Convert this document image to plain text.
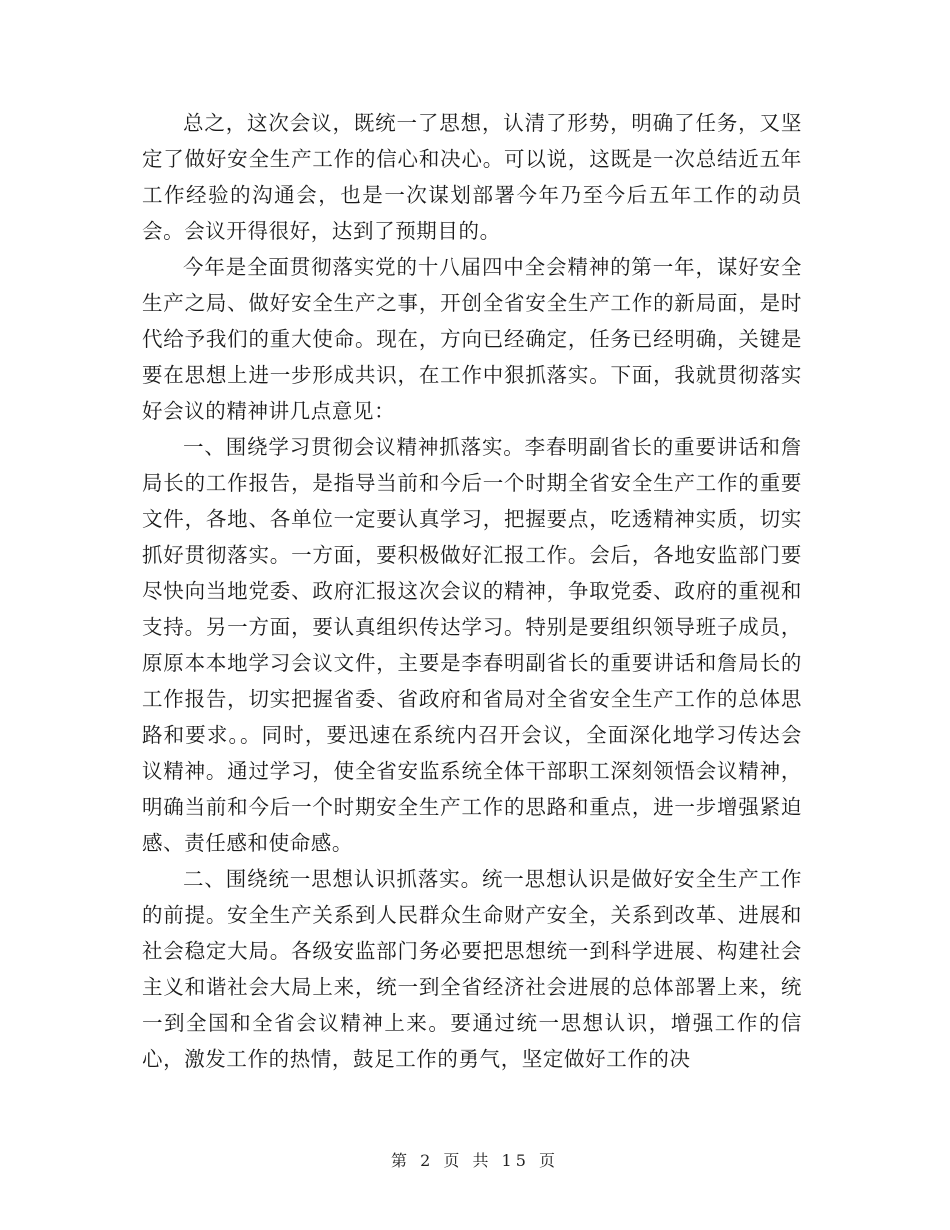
总之，这次会议，既统一了思想，认清了形势，明确了任务，又坚定了做好安全生产工作的信心和决心。可以说，这既是一次总结近五年工作经验的沟通会，也是一次谋划部署今年乃至今后五年工作的动员会。会议开得很好，达到了预期目的。

今年是全面贯彻落实党的十八届四中全会精神的第一年，谋好安全生产之局、做好安全生产之事，开创全省安全生产工作的新局面，是时代给予我们的重大使命。现在，方向已经确定，任务已经明确，关键是要在思想上进一步形成共识，在工作中狠抓落实。下面，我就贯彻落实好会议的精神讲几点意见：

一、围绕学习贯彻会议精神抓落实。李春明副省长的重要讲话和詹局长的工作报告，是指导当前和今后一个时期全省安全生产工作的重要文件，各地、各单位一定要认真学习，把握要点，吃透精神实质，切实抓好贯彻落实。一方面，要积极做好汇报工作。会后，各地安监部门要尽快向当地党委、政府汇报这次会议的精神，争取党委、政府的重视和支持。另一方面，要认真组织传达学习。特别是要组织领导班子成员，原原本本地学习会议文件，主要是李春明副省长的重要讲话和詹局长的工作报告，切实把握省委、省政府和省局对全省安全生产工作的总体思路和要求。。同时，要迅速在系统内召开会议，全面深化地学习传达会议精神。通过学习，使全省安监系统全体干部职工深刻领悟会议精神，明确当前和今后一个时期安全生产工作的思路和重点，进一步增强紧迫感、责任感和使命感。

二、围绕统一思想认识抓落实。统一思想认识是做好安全生产工作的前提。安全生产关系到人民群众生命财产安全，关系到改革、进展和社会稳定大局。各级安监部门务必要把思想统一到科学进展、构建社会主义和谐社会大局上来，统一到全省经济社会进展的总体部署上来，统一到全国和全省会议精神上来。要通过统一思想认识，增强工作的信心，激发工作的热情，鼓足工作的勇气，坚定做好工作的决

第 2 页 共 15 页
